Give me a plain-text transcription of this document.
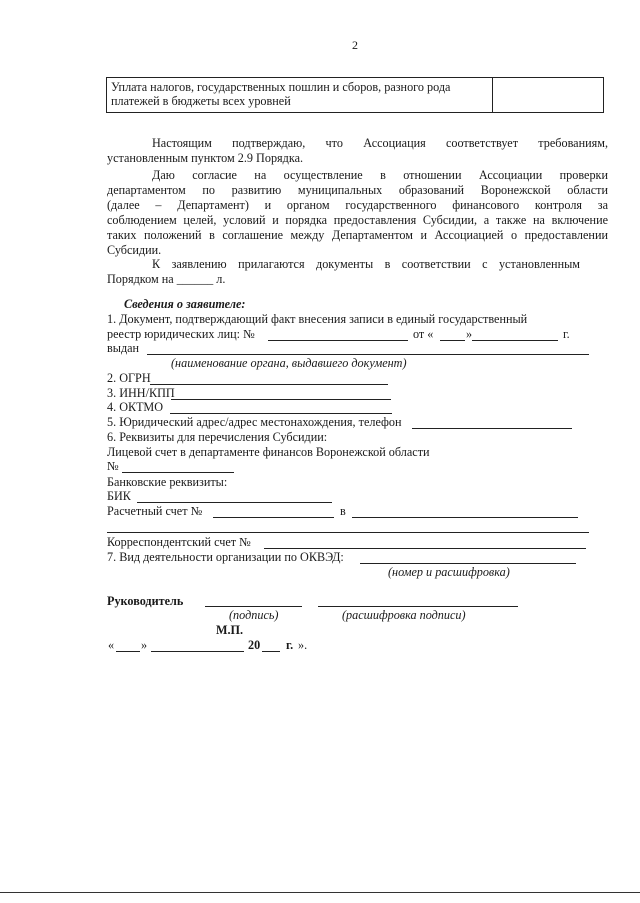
2
Уплата налогов, государственных пошлин и сборов, разного рода
платежей в бюджеты всех уровней

Настоящим подтверждаю, что Ассоциация соответствует требованиям,
установленным пунктом 2.9 Порядка.
Даю согласие на осуществление в отношении Ассоциации проверки
департаментом по развитию муниципальных образований Воронежской области
(далее – Департамент) и органом государственного финансового контроля за
соблюдением целей, условий и порядка предоставления Субсидии, а также на включение
таких положений в соглашение между Департаментом и Ассоциацией о предоставлении
Субсидии.
К заявлению прилагаются документы в соответствии с установленным
Порядком на ______ л.
Сведения о заявителе:
1. Документ, подтверждающий факт внесения записи в единый государственный
реестр юридических лиц: №	от «	»	г.
выдан
(наименование органа, выдавшего документ)
2. ОГРН
3. ИНН/КПП
4. ОКТМО
5. Юридический адрес/адрес местонахождения, телефон
6. Реквизиты для перечисления Субсидии:
Лицевой счет в департаменте финансов Воронежской области
№
Банковские реквизиты:
БИК
Расчетный счет №	в
Корреспондентский счет №
7. Вид деятельности организации по ОКВЭД:
(номер и расшифровка)
Руководитель
(подпись)	(расшифровка подписи)
М.П.
« »	20 г. ».
